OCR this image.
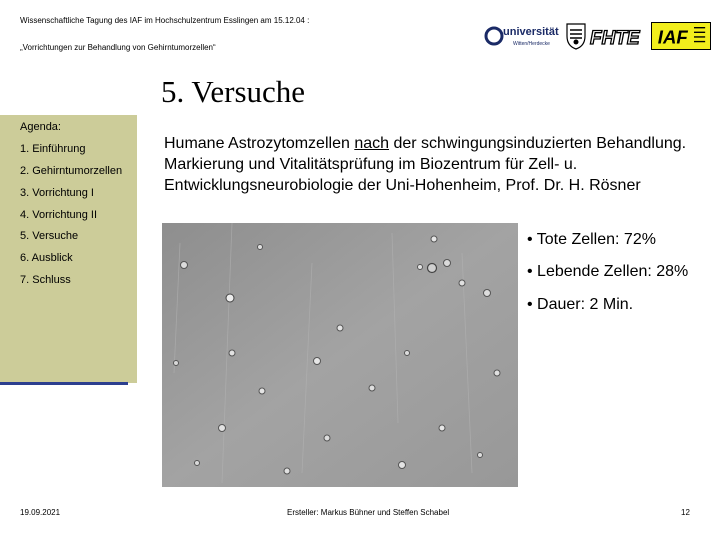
Wissenschaftliche Tagung des IAF im Hochschulzentrum Esslingen am 15.12.04 :
„Vorrichtungen zur Behandlung von Gehirntumorzellen“
universität
Witten/Herdecke FHTE IAF
5. Versuche
Agenda:
1. Einführung
2. Gehirntumorzellen
3. Vorrichtung I
4. Vorrichtung II
5. Versuche
6. Ausblick
7. Schluss
Humane Astrozytomzellen nach der schwingungsinduzierten Behandlung. Markierung und Vitalitätsprüfung im Biozentrum für Zell- u. Entwicklungsneurobiologie der Uni-Hohenheim, Prof. Dr. H. Rösner
• Tote Zellen: 72%
• Lebende Zellen: 28%
• Dauer: 2 Min.
19.09.2021	Ersteller: Markus Bühner und Steffen Schabel	12
